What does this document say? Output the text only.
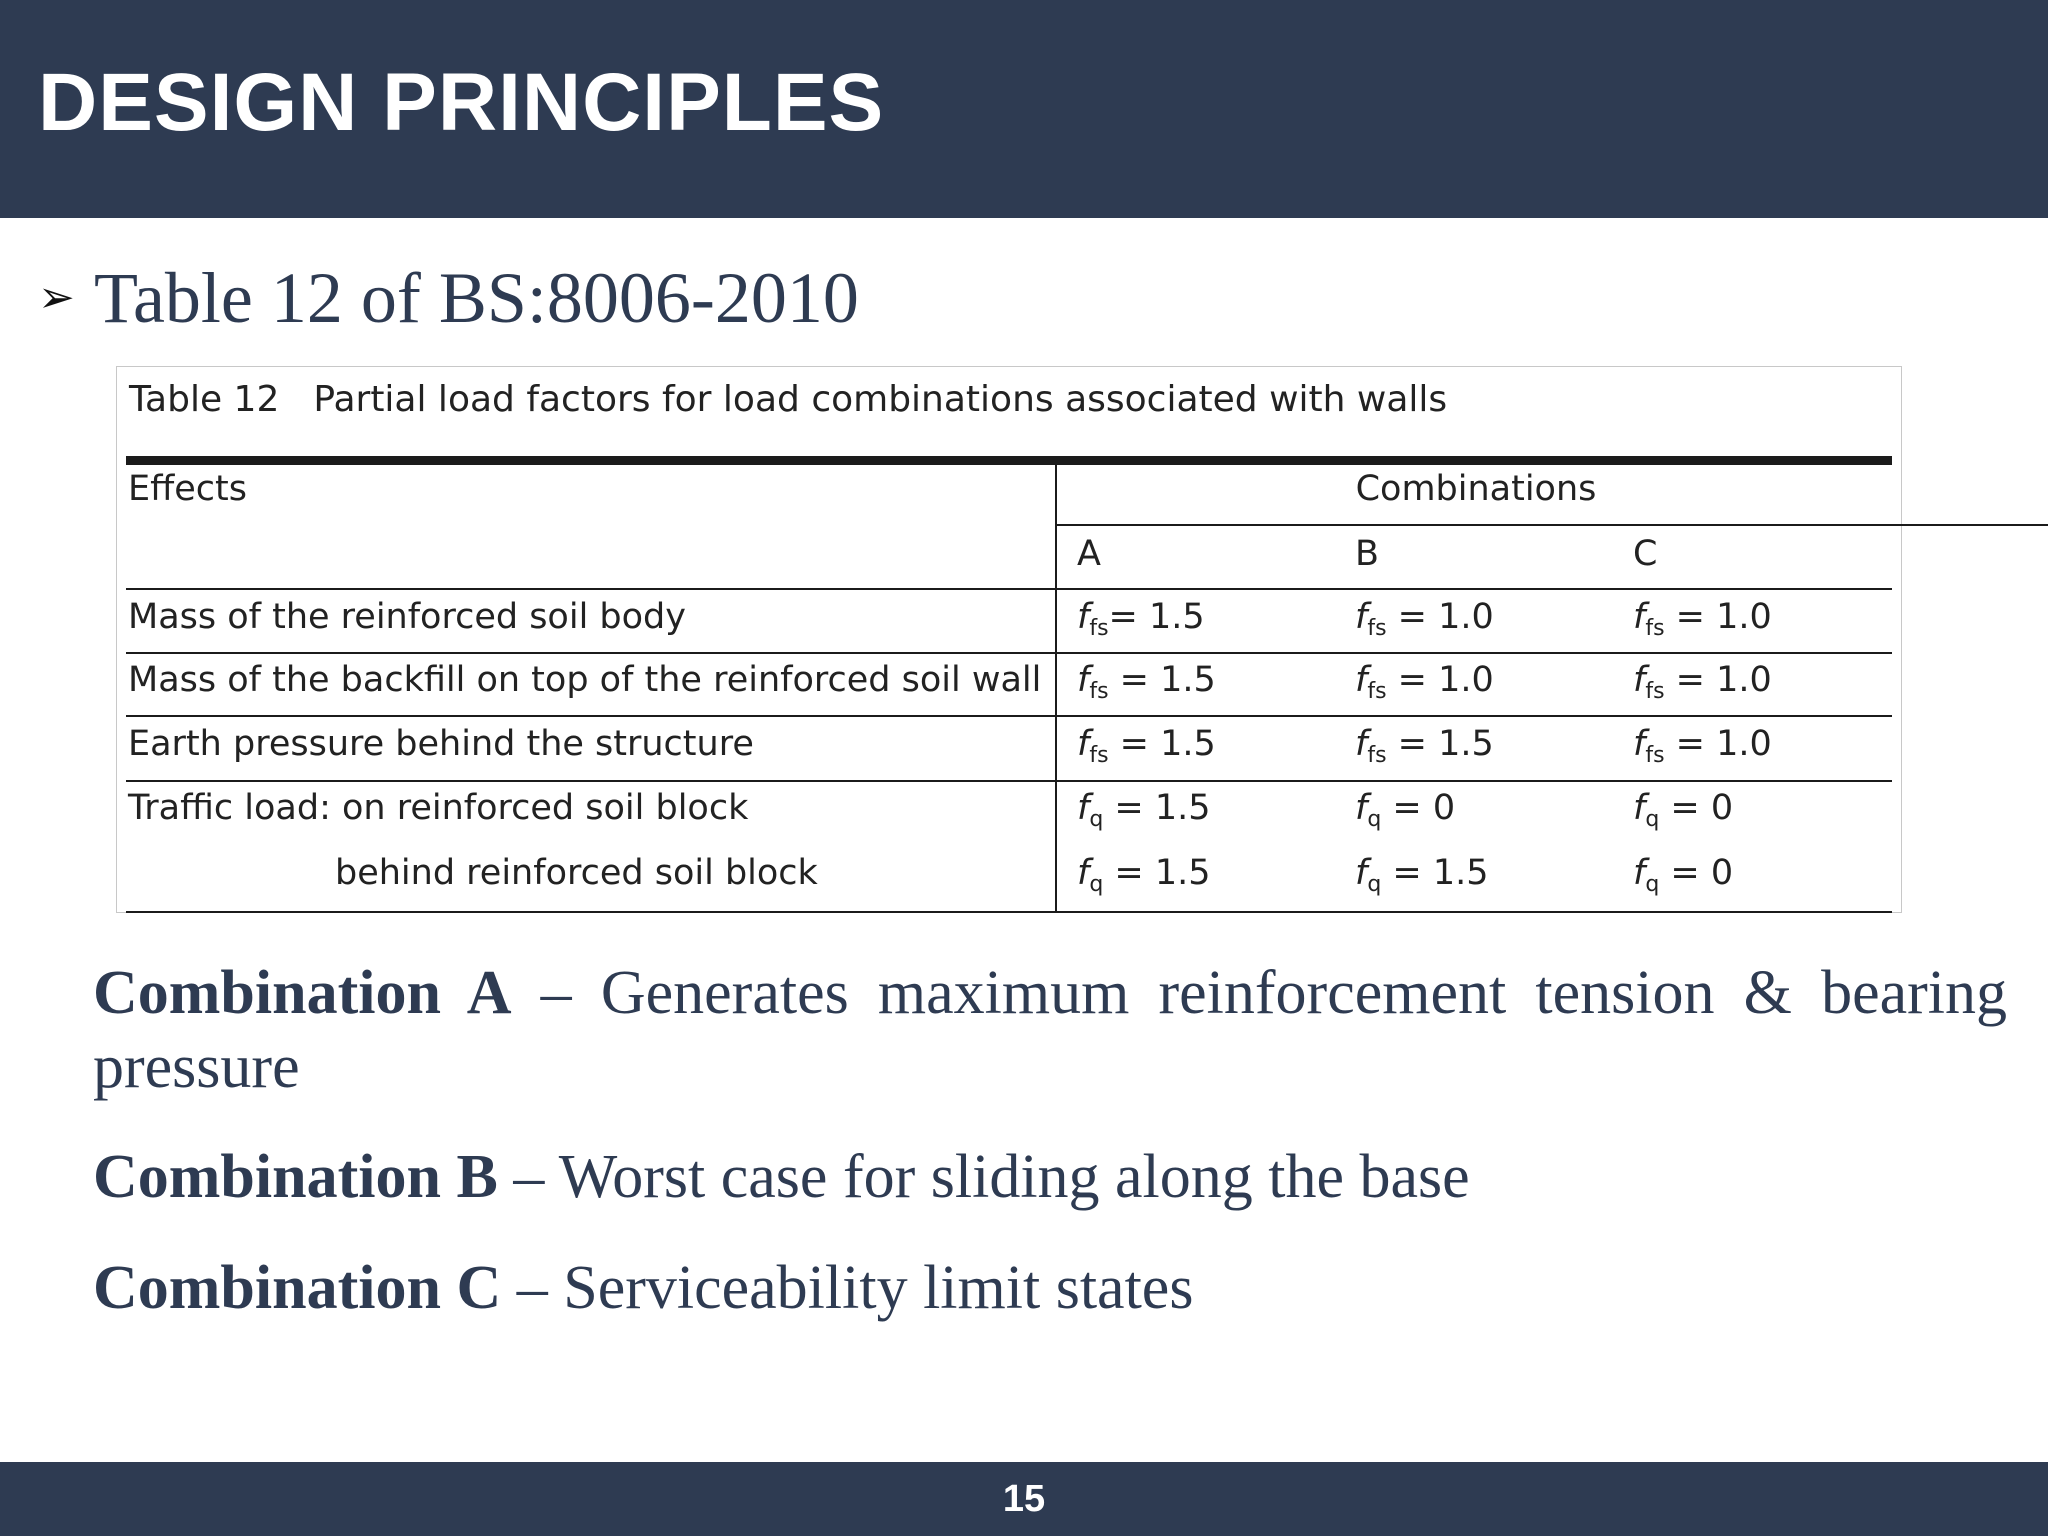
DESIGN PRINCIPLES
➢ Table 12 of BS:8006-2010
Table 12 Partial load factors for load combinations associated with walls
Effects	Combinations
A	B	C
Mass of the reinforced soil body	$f_{fs}= 1.5$	$f_{fs} = 1.0$	$f_{fs} = 1.0$
Mass of the backfill on top of the reinforced soil wall $f_{fs} = 1.5$	$f_{fs} = 1.0$	$f_{fs} = 1.0$
Earth pressure behind the structure	$f_{fs} = 1.5$	$f_{fs} = 1.5$	$f_{fs} = 1.0$
Traffic load: on reinforced soil block	$f_q = 1.5$	$f_q = 0$	$f_q = 0$
behind reinforced soil block	$f_q = 1.5$	$f_q = 1.5$	$f_q = 0$
Combination A – Generates maximum reinforcement tension & bearing pressure
Combination B – Worst case for sliding along the base
Combination C – Serviceability limit states
15
